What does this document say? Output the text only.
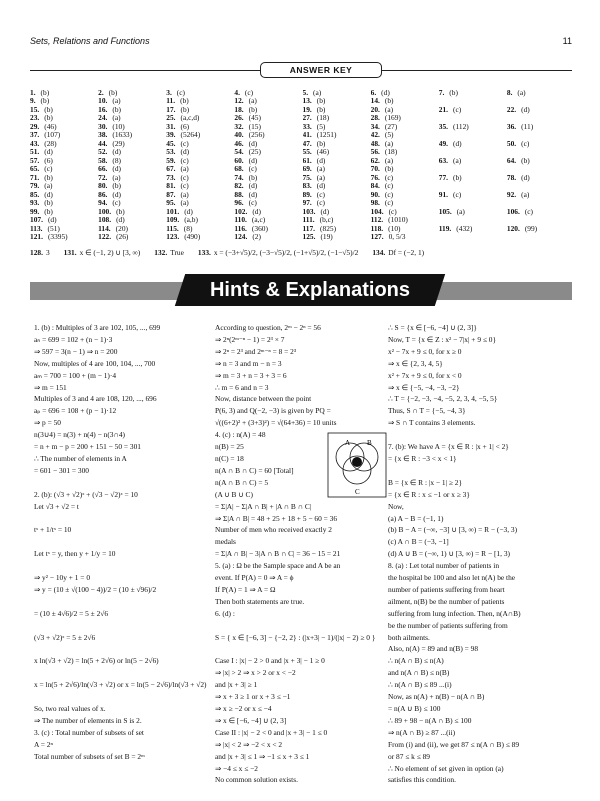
Sets, Relations and Functions	11
ANSWER KEY
1. (b)	2. (b)	3. (c)	4. (c)	5. (a)	6. (d)	7. (b)	8. (a)
9. (b)	10. (a)	11. (b)	12. (a)	13. (b)	14. (b)
15. (b)	16. (b)	17. (b)	18. (b)	19. (b)	20. (a)	21. (c)	22. (d)
23. (b)	24. (a)	25. (a,c,d)	26. (45)	27. (18)	28. (169)
29. (46)	30. (10)	31. (6)	32. (15)	33. (5)	34. (27)	35. (112)	36. (11)
37. (107)	38. (1633)	39. (5264)	40. (256)	41. (1251)	42. (5)
43. (28)	44. (29)	45. (c)	46. (d)	47. (b)	48. (a)	49. (d)	50. (c)
51. (d)	52. (d)	53. (d)	54. (25)	55. (46)	56. (18)
57. (6)	58. (8)	59. (c)	60. (d)	61. (d)	62. (a)	63. (a)	64. (b)
65. (c)	66. (d)	67. (a)	68. (c)	69. (a)	70. (b)
71. (b)	72. (a)	73. (c)	74. (b)	75. (a)	76. (c)	77. (b)	78. (d)
79. (a)	80. (b)	81. (c)	82. (d)	83. (d)	84. (c)
85. (d)	86. (d)	87. (a)	88. (d)	89. (c)	90. (c)	91. (c)	92. (a)
93. (b)	94. (c)	95. (a)	96. (c)	97. (c)	98. (c)
99. (b)	100. (b)	101. (d)	102. (d)	103. (d)	104. (c)	105. (a)	106. (c)
107. (d)	108. (d)	109. (a,b)	110. (a,c)	111. (b,c)	112. (1010)
113. (51)	114. (20)	115. (8)	116. (360)	117. (825)	118. (10)	119. (432)	120. (99)
121. (3395)	122. (26)	123. (490)	124. (2)	125. (19)	127. 0, 5/3
128. 3 131. x ∈ (−1, 2) ∪ [3, ∞) 132. True 133. x = (−3+√5)/2, (−3−√5)/2, (−1+√5)/2, (−1−√5)/2 134. Df = (−2, 1)
Hints & Explanations

1. (b) : Multiples of 3 are 102, 105, ..., 699

aₙ = 699 = 102 + (n − 1)·3

⇒ 597 = 3(n − 1) ⇒ n = 200

Now, multiples of 4 are 100, 104, ..., 700

aₘ = 700 = 100 + (m − 1)·4

⇒ m = 151

Multiples of 3 and 4 are 108, 120, ..., 696

aₚ = 696 = 108 + (p − 1)·12

⇒ p = 50

n(3∪4) = n(3) + n(4) − n(3∩4)

= n + m − p = 200 + 151 − 50 = 301

∴ The number of elements in A

= 601 − 301 = 300

2. (b): (√3 + √2)ˣ + (√3 − √2)ˣ = 10

Let √3 + √2 = t

tˣ + 1/tˣ = 10

Let tˣ = y, then y + 1/y = 10

⇒ y² − 10y + 1 = 0

⇒ y = (10 ± √(100 − 4))/2 = (10 ± √96)/2

= (10 ± 4√6)/2 = 5 ± 2√6

(√3 + √2)ˣ = 5 ± 2√6

x ln(√3 + √2) = ln(5 + 2√6) or ln(5 − 2√6)

x = ln(5 + 2√6)/ln(√3 + √2) or x = ln(5 − 2√6)/ln(√3 + √2)

So, two real values of x.

⇒ The number of elements in S is 2.

3. (c) : Total number of subsets of set

A = 2ⁿ

Total number of subsets of set B = 2ᵐ

According to question, 2ᵐ − 2ⁿ = 56

⇒ 2ⁿ(2ᵐ⁻ⁿ − 1) = 2³ × 7

⇒ 2ⁿ = 2³ and 2ᵐ⁻ⁿ = 8 = 2³

⇒ n = 3 and m − n = 3

⇒ m = 3 + n = 3 + 3 = 6

∴ m = 6 and n = 3

Now, distance between the point

P(6, 3) and Q(−2, −3) is given by PQ =

√((6+2)² + (3+3)²) = √(64+36) = 10 units

4. (c) : n(A) = 48

n(B) = 25

n(C) = 18

n(A ∩ B ∩ C) = 60 [Total]

n(A ∩ B ∩ C) = 5

(A ∪ B ∪ C)

= Σ|A| − Σ|A ∩ B| + |A ∩ B ∩ C|

⇒ Σ|A ∩ B| = 48 + 25 + 18 + 5 − 60 = 36

Number of men who received exactly 2

medals

= Σ|A ∩ B| − 3|A ∩ B ∩ C| = 36 − 15 = 21

5. (a) : Ω be the Sample space and A be an

event. If P(A) = 0 ⇒ A = ϕ

If P(A) = 1 ⇒ A = Ω

Then both statements are true.

6. (d) :

S = { x ∈ [−6, 3] − {−2, 2} : (|x+3| − 1)/(|x| − 2) ≥ 0 }

Case I : |x| − 2 > 0 and |x + 3| − 1 ≥ 0

⇒ |x| > 2 ⇒ x > 2 or x < −2

and |x + 3| ≥ 1

⇒ x + 3 ≥ 1 or x + 3 ≤ −1

⇒ x ≥ −2 or x ≤ −4

⇒ x ∈ [−6, −4] ∪ (2, 3]

Case II : |x| − 2 < 0 and |x + 3| − 1 ≤ 0

⇒ |x| < 2 ⇒ −2 < x < 2

and |x + 3| ≤ 1 ⇒ −1 ≤ x + 3 ≤ 1

⇒ −4 ≤ x ≤ −2

No common solution exists.

A B
C

∴ S = {x ∈ [−6, −4] ∪ (2, 3]}

Now, T = {x ∈ Z : x² − 7|x| + 9 ≤ 0}

x² − 7x + 9 ≤ 0, for x ≥ 0

⇒ x ∈ {2, 3, 4, 5}

x² + 7x + 9 ≤ 0, for x < 0

⇒ x ∈ {−5, −4, −3, −2}

∴ T = {−2, −3, −4, −5, 2, 3, 4, −5, 5}

Thus, S ∩ T = {−5, −4, 3}

⇒ S ∩ T contains 3 elements.

7. (b): We have A = {x ∈ R : |x + 1| < 2}

= {x ∈ R : −3 < x < 1}

B = {x ∈ R : |x − 1| ≥ 2}

= {x ∈ R : x ≤ −1 or x ≥ 3}

Now,

(a) A − B = (−1, 1)

(b) B − A = (−∞, −3] ∪ [3, ∞) = R − (−3, 3)

(c) A ∩ B = (−3, −1]

(d) A ∪ B = (−∞, 1) ∪ [3, ∞) = R − [1, 3)

8. (a) : Let total number of patients in

the hospital be 100 and also let n(A) be the

number of patients suffering from heart

ailment, n(B) be the number of patients

suffering from lung infection. Then, n(A∩B)

be the number of patients suffering from

both ailments.

Also, n(A) = 89 and n(B) = 98

∴ n(A ∩ B) ≤ n(A)

and n(A ∩ B) ≤ n(B)

∴ n(A ∩ B) ≤ 89 ...(i)

Now, as n(A) + n(B) − n(A ∩ B)

= n(A ∪ B) ≤ 100

∴ 89 + 98 − n(A ∩ B) ≤ 100

⇒ n(A ∩ B) ≥ 87 ...(ii)

From (i) and (ii), we get 87 ≤ n(A ∩ B) ≤ 89

or 87 ≤ k ≤ 89

∴ No element of set given in option (a)

satisfies this condition.
